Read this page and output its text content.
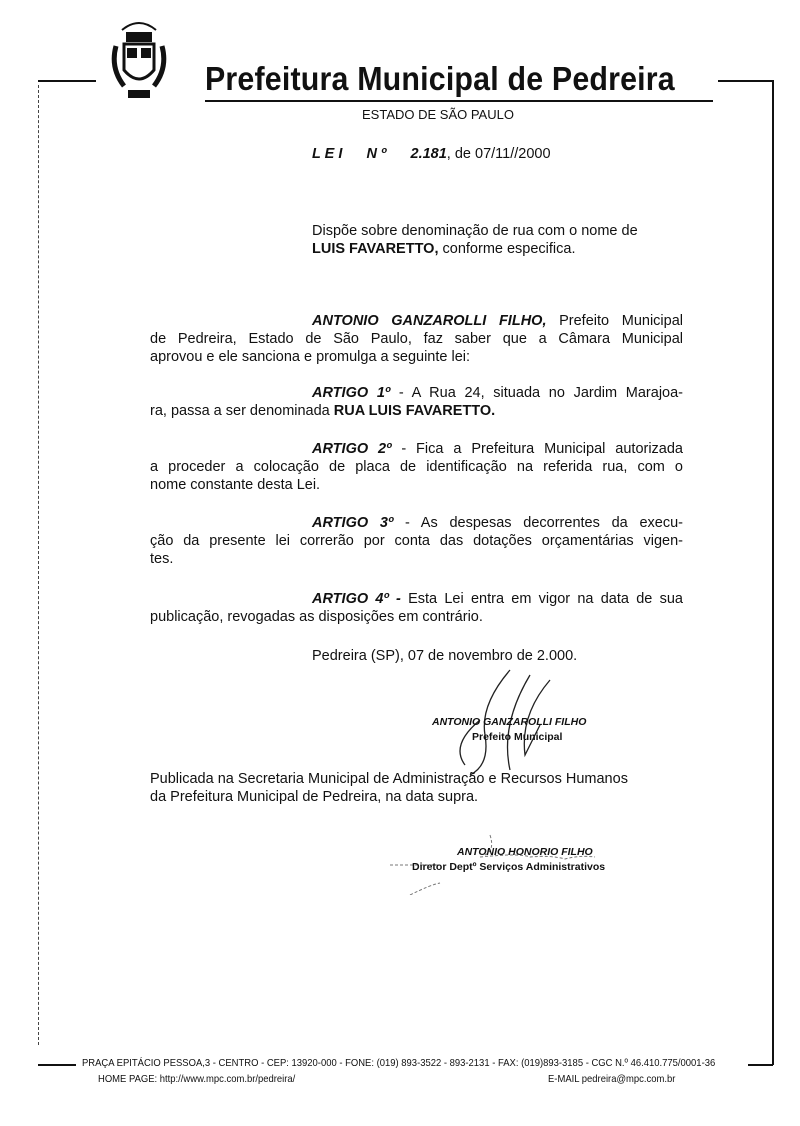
Prefeitura Municipal de Pedreira
ESTADO DE SÃO PAULO
L E I N º 2.181, de 07/11//2000
Dispõe sobre denominação de rua com o nome de
LUIS FAVARETTO, conforme especifica.
ANTONIO GANZAROLLI FILHO, Prefeito Municipal
de Pedreira, Estado de São Paulo, faz saber que a Câmara Municipal
aprovou e ele sanciona e promulga a seguinte lei:
ARTIGO 1º - A Rua 24, situada no Jardim Marajoa-
ra, passa a ser denominada RUA LUIS FAVARETTO.
ARTIGO 2º - Fica a Prefeitura Municipal autorizada
a proceder a colocação de placa de identificação na referida rua, com o
nome constante desta Lei.
ARTIGO 3º - As despesas decorrentes da execu-
ção da presente lei correrão por conta das dotações orçamentárias vigen-
tes.
ARTIGO 4º - Esta Lei entra em vigor na data de sua
publicação, revogadas as disposições em contrário.
Pedreira (SP), 07 de novembro de 2.000.
ANTONIO GANZAROLLI FILHO
Prefeito Municipal
Publicada na Secretaria Municipal de Administração e Recursos Humanos
da Prefeitura Municipal de Pedreira, na data supra.
ANTONIO HONORIO FILHO
Diretor Deptº Serviços Administrativos
PRAÇA EPITÁCIO PESSOA,3 - CENTRO - CEP: 13920-000 - FONE: (019) 893-3522 - 893-2131 - FAX: (019)893-3185 - CGC N.º 46.410.775/0001-36
HOME PAGE: http://www.mpc.com.br/pedreira/	E-MAIL pedreira@mpc.com.br
